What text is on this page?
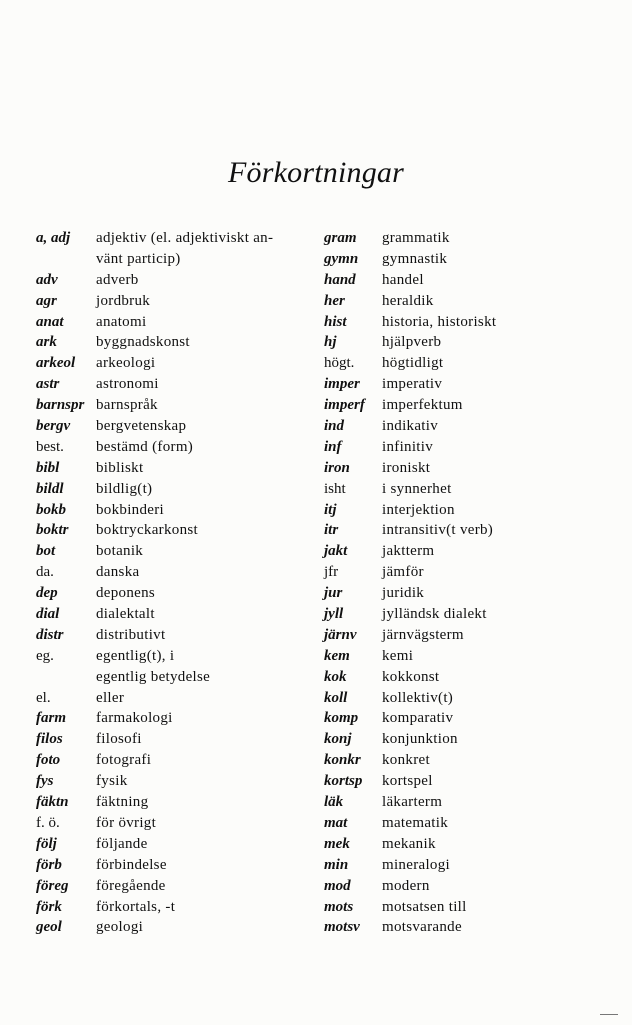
Förkortningar
a, adj	adjektiv (el. adjektiviskt an-
vänt particip)
adv	adverb
agr	jordbruk
anat	anatomi
ark	byggnadskonst
arkeol	arkeologi
astr	astronomi
barnspr barnspråk
bergv	bergvetenskap
best.	bestämd (form)
bibl	bibliskt
bildl	bildlig(t)
bokb	bokbinderi
boktr	boktryckarkonst
bot	botanik
da.	danska
dep	deponens
dial	dialektalt
distr	distributivt
eg.	egentlig(t), i
egentlig betydelse
el.	eller
farm	farmakologi
filos	filosofi
foto	fotografi
fys	fysik
fäktn	fäktning
f. ö.	för övrigt
följ	följande
förb	förbindelse
föreg	föregående
förk	förkortals, -t
geol	geologi
gram	grammatik
gymn	gymnastik
hand	handel
her	heraldik
hist	historia, historiskt
hj	hjälpverb
högt.	högtidligt
imper	imperativ
imperf	imperfektum
ind	indikativ
inf	infinitiv
iron	ironiskt
isht	i synnerhet
itj	interjektion
itr	intransitiv(t verb)
jakt	jaktterm
jfr	jämför
jur	juridik
jyll	jylländsk dialekt
järnv	järnvägsterm
kem	kemi
kok	kokkonst
koll	kollektiv(t)
komp	komparativ
konj	konjunktion
konkr	konkret
kortsp	kortspel
läk	läkarterm
mat	matematik
mek	mekanik
min	mineralogi
mod	modern
mots	motsatsen till
motsv	motsvarande
